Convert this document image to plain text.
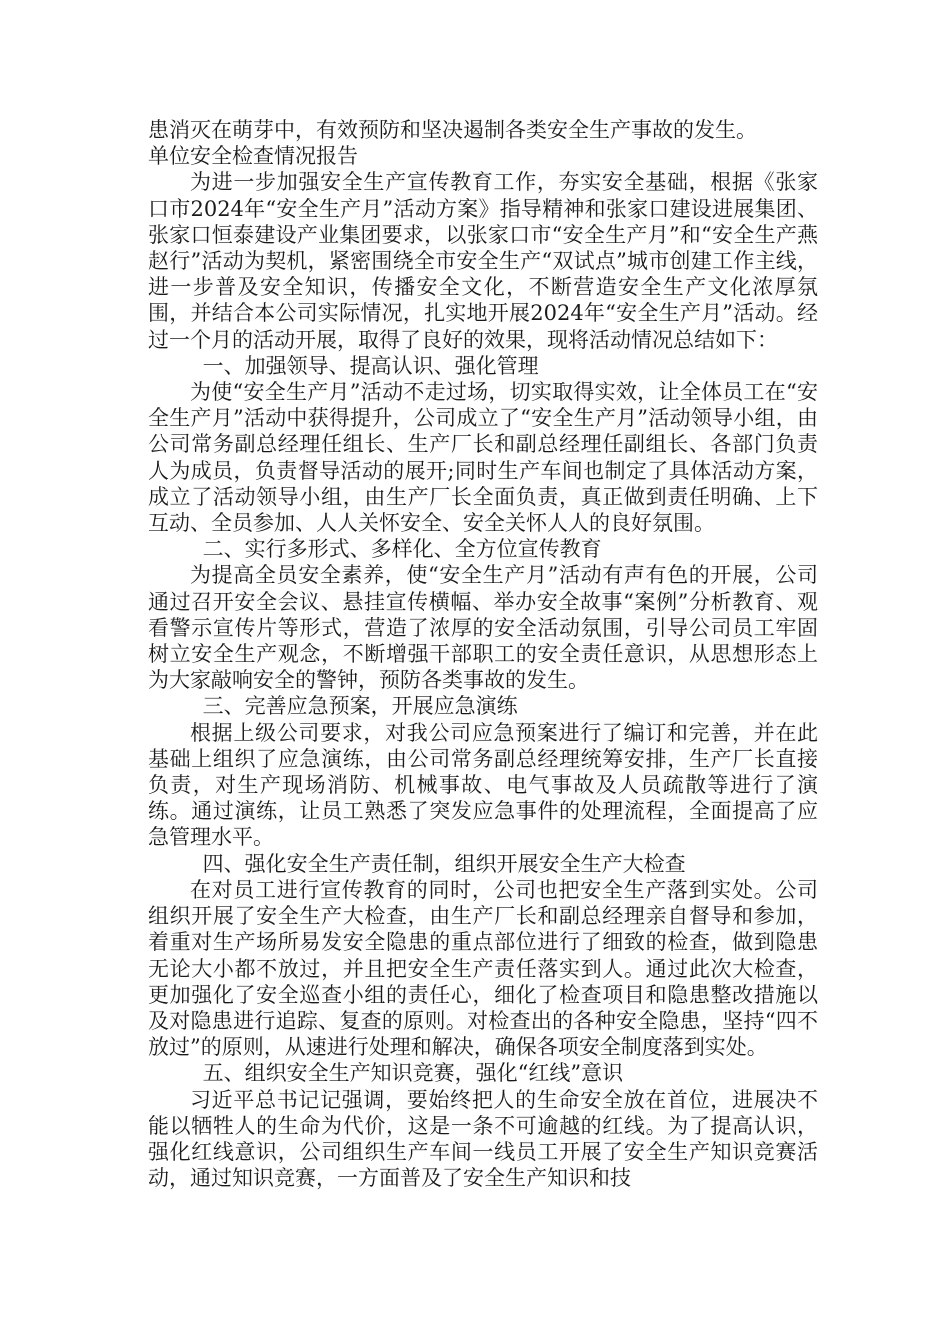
患消灭在萌芽中，有效预防和坚决遏制各类安全生产事故的发生。

单位安全检查情况报告

为进一步加强安全生产宣传教育工作，夯实安全基础，根据《张家口市2024年“安全生产月”活动方案》指导精神和张家口建设进展集团、张家口恒泰建设产业集团要求，以张家口市“安全生产月”和“安全生产燕赵行”活动为契机，紧密围绕全市安全生产“双试点”城市创建工作主线，进一步普及安全知识，传播安全文化，不断营造安全生产文化浓厚氛围，并结合本公司实际情况，扎实地开展2024年“安全生产月”活动。经过一个月的活动开展，取得了良好的效果，现将活动情况总结如下：

一、加强领导、提高认识、强化管理

为使“安全生产月”活动不走过场，切实取得实效，让全体员工在“安全生产月”活动中获得提升，公司成立了“安全生产月”活动领导小组，由公司常务副总经理任组长、生产厂长和副总经理任副组长、各部门负责人为成员，负责督导活动的展开;同时生产车间也制定了具体活动方案，成立了活动领导小组，由生产厂长全面负责，真正做到责任明确、上下互动、全员参加、人人关怀安全、安全关怀人人的良好氛围。

二、实行多形式、多样化、全方位宣传教育

为提高全员安全素养，使“安全生产月”活动有声有色的开展，公司通过召开安全会议、悬挂宣传横幅、举办安全故事“案例”分析教育、观看警示宣传片等形式，营造了浓厚的安全活动氛围，引导公司员工牢固树立安全生产观念，不断增强干部职工的安全责任意识，从思想形态上为大家敲响安全的警钟，预防各类事故的发生。

三、完善应急预案，开展应急演练

根据上级公司要求，对我公司应急预案进行了编订和完善，并在此基础上组织了应急演练，由公司常务副总经理统筹安排，生产厂长直接负责，对生产现场消防、机械事故、电气事故及人员疏散等进行了演练。通过演练，让员工熟悉了突发应急事件的处理流程，全面提高了应急管理水平。

四、强化安全生产责任制，组织开展安全生产大检查

在对员工进行宣传教育的同时，公司也把安全生产落到实处。公司组织开展了安全生产大检查，由生产厂长和副总经理亲自督导和参加，着重对生产场所易发安全隐患的重点部位进行了细致的检查，做到隐患无论大小都不放过，并且把安全生产责任落实到人。通过此次大检查，更加强化了安全巡查小组的责任心，细化了检查项目和隐患整改措施以及对隐患进行追踪、复查的原则。对检查出的各种安全隐患，坚持“四不放过”的原则，从速进行处理和解决，确保各项安全制度落到实处。

五、组织安全生产知识竞赛，强化“红线”意识

习近平总书记记强调，要始终把人的生命安全放在首位，进展决不能以牺牲人的生命为代价，这是一条不可逾越的红线。为了提高认识，强化红线意识，公司组织生产车间一线员工开展了安全生产知识竞赛活动，通过知识竞赛，一方面普及了安全生产知识和技
